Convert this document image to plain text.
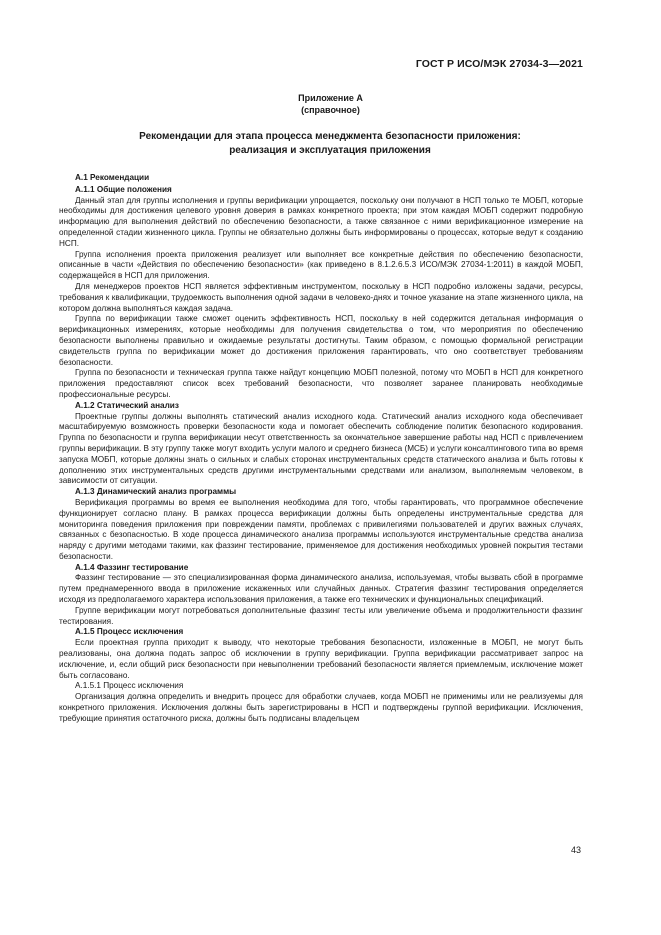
ГОСТ Р ИСО/МЭК 27034-3—2021
Приложение А
(справочное)
Рекомендации для этапа процесса менеджмента безопасности приложения:
реализация и эксплуатация приложения
А.1 Рекомендации
А.1.1 Общие положения

Данный этап для группы исполнения и группы верификации упрощается, поскольку они получают в НСП только те МОБП, которые необходимы для достижения целевого уровня доверия в рамках конкретного проекта; при этом каждая МОБП содержит подробную информацию для выполнения действий по обеспечению безопасности, а также связанное с ними верификационное измерение на определенной стадии жизненного цикла. Группы не обязательно должны быть информированы о процессах, которые ведут к созданию НСП.

Группа исполнения проекта приложения реализует или выполняет все конкретные действия по обеспечению безопасности, описанные в части «Действия по обеспечению безопасности» (как приведено в 8.1.2.6.5.3 ИСО/МЭК 27034-1:2011) в каждой МОБП, содержащейся в НСП для приложения.

Для менеджеров проектов НСП является эффективным инструментом, поскольку в НСП подробно изложены задачи, ресурсы, требования к квалификации, трудоемкость выполнения одной задачи в человеко-днях и точное указание на этапе жизненного цикла, на котором должна выполняться каждая задача.

Группа по верификации также сможет оценить эффективность НСП, поскольку в ней содержится детальная информация о верификационных измерениях, которые необходимы для получения свидетельства о том, что мероприятия по обеспечению безопасности выполнены правильно и ожидаемые результаты достигнуты. Таким образом, с помощью формальной регистрации свидетельств группа по верификации может до достижения приложения гарантировать, что оно соответствует требованиям безопасности.

Группа по безопасности и техническая группа также найдут концепцию МОБП полезной, потому что МОБП в НСП для конкретного приложения предоставляют список всех требований безопасности, что позволяет заранее планировать необходимые профессиональные ресурсы.

А.1.2 Статический анализ

Проектные группы должны выполнять статический анализ исходного кода. Статический анализ исходного кода обеспечивает масштабируемую возможность проверки безопасности кода и помогает обеспечить соблюдение политик безопасного кодирования. Группа по безопасности и группа верификации несут ответственность за окончательное завершение работы над НСП с привлечением группы верификации. В эту группу также могут входить услуги малого и среднего бизнеса (МСБ) и услуги консалтингового типа во время запуска МОБП, которые должны знать о сильных и слабых сторонах инструментальных средств статического анализа и быть готовы к дополнению этих инструментальных средств другими инструментальными средствами или анализом, выполняемым человеком, в зависимости от ситуации.

А.1.3 Динамический анализ программы

Верификация программы во время ее выполнения необходима для того, чтобы гарантировать, что программное обеспечение функционирует согласно плану. В рамках процесса верификации должны быть определены инструментальные средства для мониторинга поведения приложения при повреждении памяти, проблемах с привилегиями пользователей и других важных случаях, связанных с безопасностью. В ходе процесса динамического анализа программы используются инструментальные средства анализа наряду с другими методами такими, как фаззинг тестирование, применяемое для достижения необходимых уровней покрытия тестами безопасности.

А.1.4 Фаззинг тестирование

Фаззинг тестирование — это специализированная форма динамического анализа, используемая, чтобы вызвать сбой в программе путем преднамеренного ввода в приложение искаженных или случайных данных. Стратегия фаззинг тестирования определяется исходя из предполагаемого характера использования приложения, а также его технических и функциональных спецификаций.

Группе верификации могут потребоваться дополнительные фаззинг тесты или увеличение объема и продолжительности фаззинг тестирования.

А.1.5 Процесс исключения

Если проектная группа приходит к выводу, что некоторые требования безопасности, изложенные в МОБП, не могут быть реализованы, она должна подать запрос об исключении в группу верификации. Группа верификации рассматривает запрос на исключение, и, если общий риск безопасности при невыполнении требований безопасности является приемлемым, исключение может быть согласовано.

А.1.5.1 Процесс исключения

Организация должна определить и внедрить процесс для обработки случаев, когда МОБП не применимы или не реализуемы для конкретного приложения. Исключения должны быть зарегистрированы в НСП и подтверждены группой верификации. Исключения, требующие принятия остаточного риска, должны быть подписаны владельцем

43
